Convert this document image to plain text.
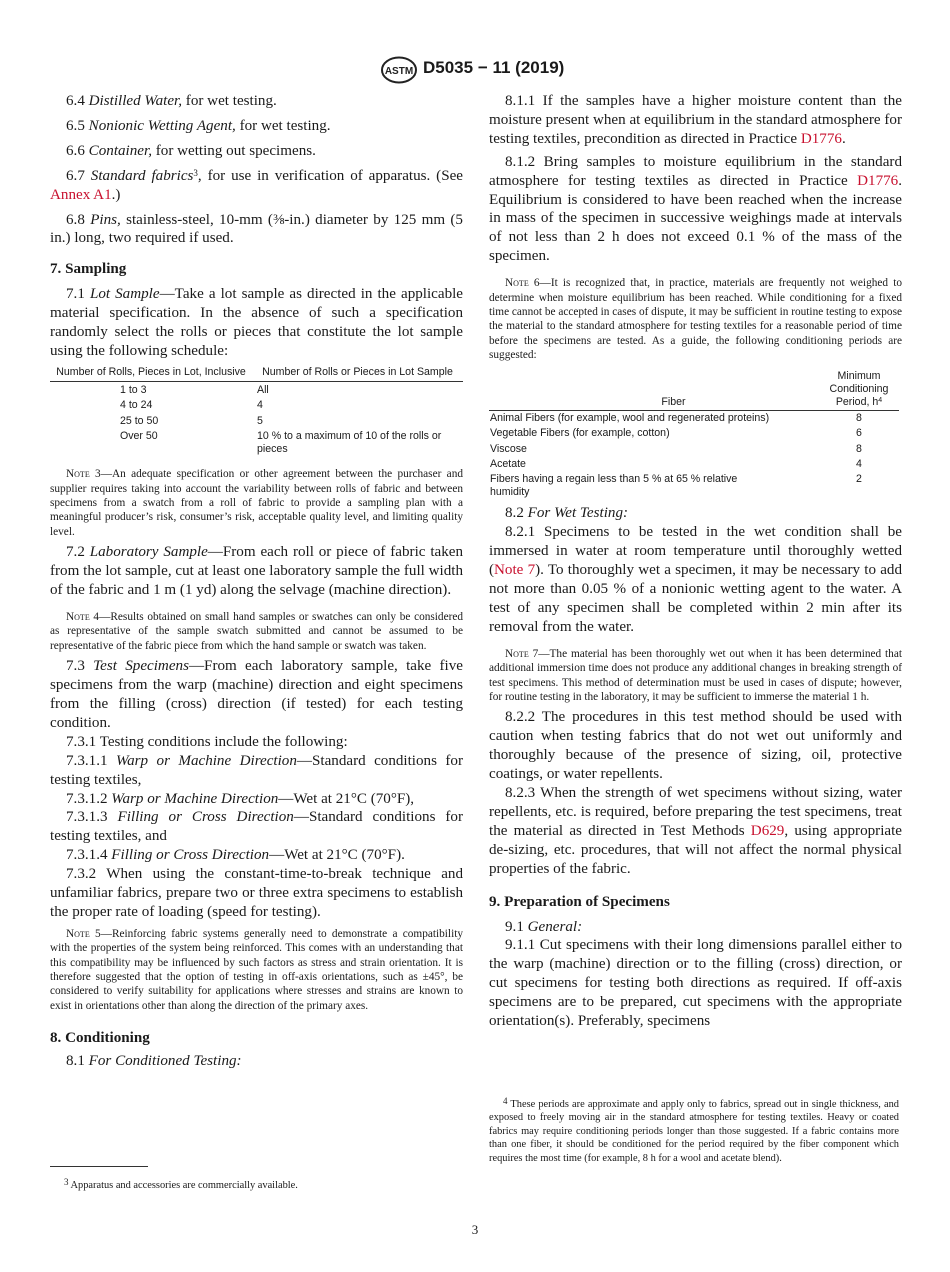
ASTM D5035 − 11 (2019)

6.4 Distilled Water, for wet testing.

6.5 Nonionic Wetting Agent, for wet testing.

6.6 Container, for wetting out specimens.

6.7 Standard fabrics$^3$, for use in verification of apparatus. (See Annex A1.)

6.8 Pins, stainless-steel, 10-mm (⅜-in.) diameter by 125 mm (5 in.) long, two required if used.

7. Sampling

7.1 Lot Sample—Take a lot sample as directed in the applicable material specification. In the absence of such a specification randomly select the rolls or pieces that constitute the lot sample using the following schedule:

Number of Rolls, Pieces in Lot, Inclusive	Number of Rolls or Pieces in Lot Sample
1 to 3	All
4 to 24	4
25 to 50	5
Over 50	10 % to a maximum of 10 of the rolls or pieces

Note 3—An adequate specification or other agreement between the purchaser and supplier requires taking into account the variability between rolls of fabric and between specimens from a swatch from a roll of fabric to provide a sampling plan with a meaningful producer’s risk, consumer’s risk, acceptable quality level, and limiting quality level.

7.2 Laboratory Sample—From each roll or piece of fabric taken from the lot sample, cut at least one laboratory sample the full width of the fabric and 1 m (1 yd) along the selvage (machine direction).

Note 4—Results obtained on small hand samples or swatches can only be considered as representative of the sample swatch submitted and cannot be assumed to be representative of the fabric piece from which the hand sample or swatch was taken.

7.3 Test Specimens—From each laboratory sample, take five specimens from the warp (machine) direction and eight specimens from the filling (cross) direction (if tested) for each testing condition.

7.3.1 Testing conditions include the following:

7.3.1.1 Warp or Machine Direction—Standard conditions for testing textiles,

7.3.1.2 Warp or Machine Direction—Wet at 21°C (70°F),

7.3.1.3 Filling or Cross Direction—Standard conditions for testing textiles, and

7.3.1.4 Filling or Cross Direction—Wet at 21°C (70°F).

7.3.2 When using the constant-time-to-break technique and unfamiliar fabrics, prepare two or three extra specimens to establish the proper rate of loading (speed for testing).

Note 5—Reinforcing fabric systems generally need to demonstrate a compatibility with the properties of the system being reinforced. This comes with an understanding that this compatibility may be influenced by such factors as stress and strain orientation. It is therefore suggested that the option of testing in off-axis orientations, such as ±45°, be considered to verify suitability for applications where stresses and strains are known to exist in orientations other than along the direction of the primary axes.

8. Conditioning

8.1 For Conditioned Testing:

$^3$ Apparatus and accessories are commercially available.

8.1.1 If the samples have a higher moisture content than the moisture present when at equilibrium in the standard atmosphere for testing textiles, precondition as directed in Practice D1776.

8.1.2 Bring samples to moisture equilibrium in the standard atmosphere for testing textiles as directed in Practice D1776. Equilibrium is considered to have been reached when the increase in mass of the specimen in successive weighings made at intervals of not less than 2 h does not exceed 0.1 % of the mass of the specimen.

Note 6—It is recognized that, in practice, materials are frequently not weighed to determine when moisture equilibrium has been reached. While conditioning for a fixed time cannot be accepted in cases of dispute, it may be sufficient in routine testing to expose the material to the standard atmosphere for testing textiles for a reasonable period of time before the specimens are tested. As a guide, the following conditioning periods are suggested:

Fiber	Minimum
Conditioning
Period, $h^4$
Animal Fibers (for example, wool and regenerated proteins)	8
Vegetable Fibers (for example, cotton)	6
Viscose	8
Acetate	4
Fibers having a regain less than 5 % at 65 % relative humidity	2

8.2 For Wet Testing:

8.2.1 Specimens to be tested in the wet condition shall be immersed in water at room temperature until thoroughly wetted (Note 7). To thoroughly wet a specimen, it may be necessary to add not more than 0.05 % of a nonionic wetting agent to the water. A test of any specimen shall be completed within 2 min after its removal from the water.

Note 7—The material has been thoroughly wet out when it has been determined that additional immersion time does not produce any additional changes in breaking strength of test specimens. This method of determination must be used in cases of dispute; however, for routine testing in the laboratory, it may be sufficient to immerse the material 1 h.

8.2.2 The procedures in this test method should be used with caution when testing fabrics that do not wet out uniformly and thoroughly because of the presence of sizing, oil, protective coatings, or water repellents.

8.2.3 When the strength of wet specimens without sizing, water repellents, etc. is required, before preparing the test specimens, treat the material as directed in Test Methods D629, using appropriate de-sizing, etc. procedures, that will not affect the normal physical properties of the fabric.

9. Preparation of Specimens

9.1 General:

9.1.1 Cut specimens with their long dimensions parallel either to the warp (machine) direction or to the filling (cross) direction, or cut specimens for testing both directions as required. If off-axis specimens are to be prepared, cut specimens with the appropriate orientation(s). Preferably, specimens

$^4$ These periods are approximate and apply only to fabrics, spread out in single thickness, and exposed to freely moving air in the standard atmosphere for testing textiles. Heavy or coated fabrics may require conditioning periods longer than those suggested. If a fabric contains more than one fiber, it should be conditioned for the period required by the fiber component which requires the most time (for example, 8 h for a wool and acetate blend).

3
